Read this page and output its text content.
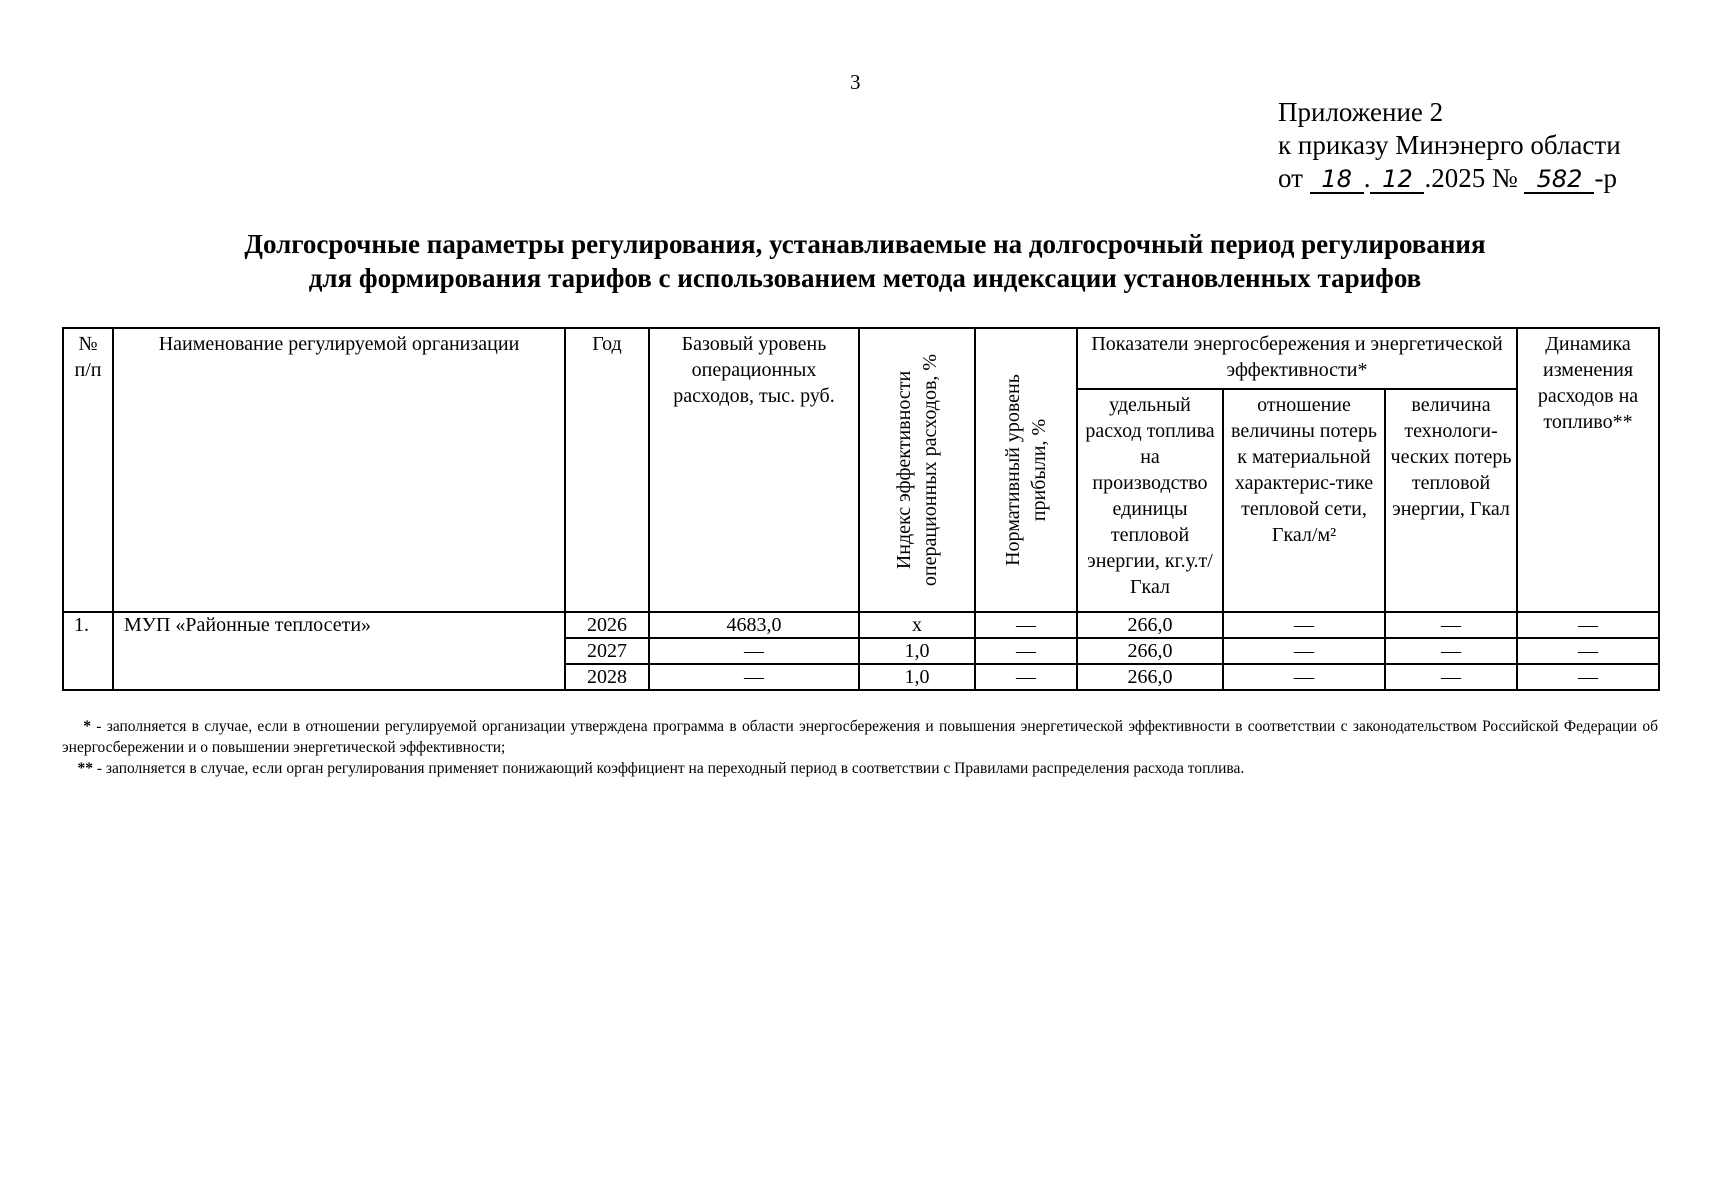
3
Приложение 2
к приказу Минэнерго области
от 18 . 12 .2025 № 582 -р
Долгосрочные параметры регулирования, устанавливаемые на долгосрочный период регулирования
для формирования тарифов с использованием метода индексации установленных тарифов
№ п/п	Наименование регулируемой организации	Год	Базовый уровень операционных расходов, тыс. руб.	Индекс эффективности операционных расходов, %	Нормативный уровень прибыли, %	Показатели энергосбережения и энергетической эффективности*			Динамика изменения расходов на топливо**
						удельный расход топлива на производство единицы тепловой энергии, кг.у.т/Гкал	отношение величины потерь к материальной характерис-тике тепловой сети, Гкал/м²	величина технологи-ческих потерь тепловой энергии, Гкал	
1.	МУП «Районные теплосети»	2026	4683,0	х	—	266,0	—	—	—
		2027	—	1,0	—	266,0	—	—	—
		2028	—	1,0	—	266,0	—	—	—

* - заполняется в случае, если в отношении регулируемой организации утверждена программа в области энергосбережения и повышения энергетической эффективности в соответствии с законодательством Российской Федерации об энергосбережении и о повышении энергетической эффективности;

** - заполняется в случае, если орган регулирования применяет понижающий коэффициент на переходный период в соответствии с Правилами распределения расхода топлива.
